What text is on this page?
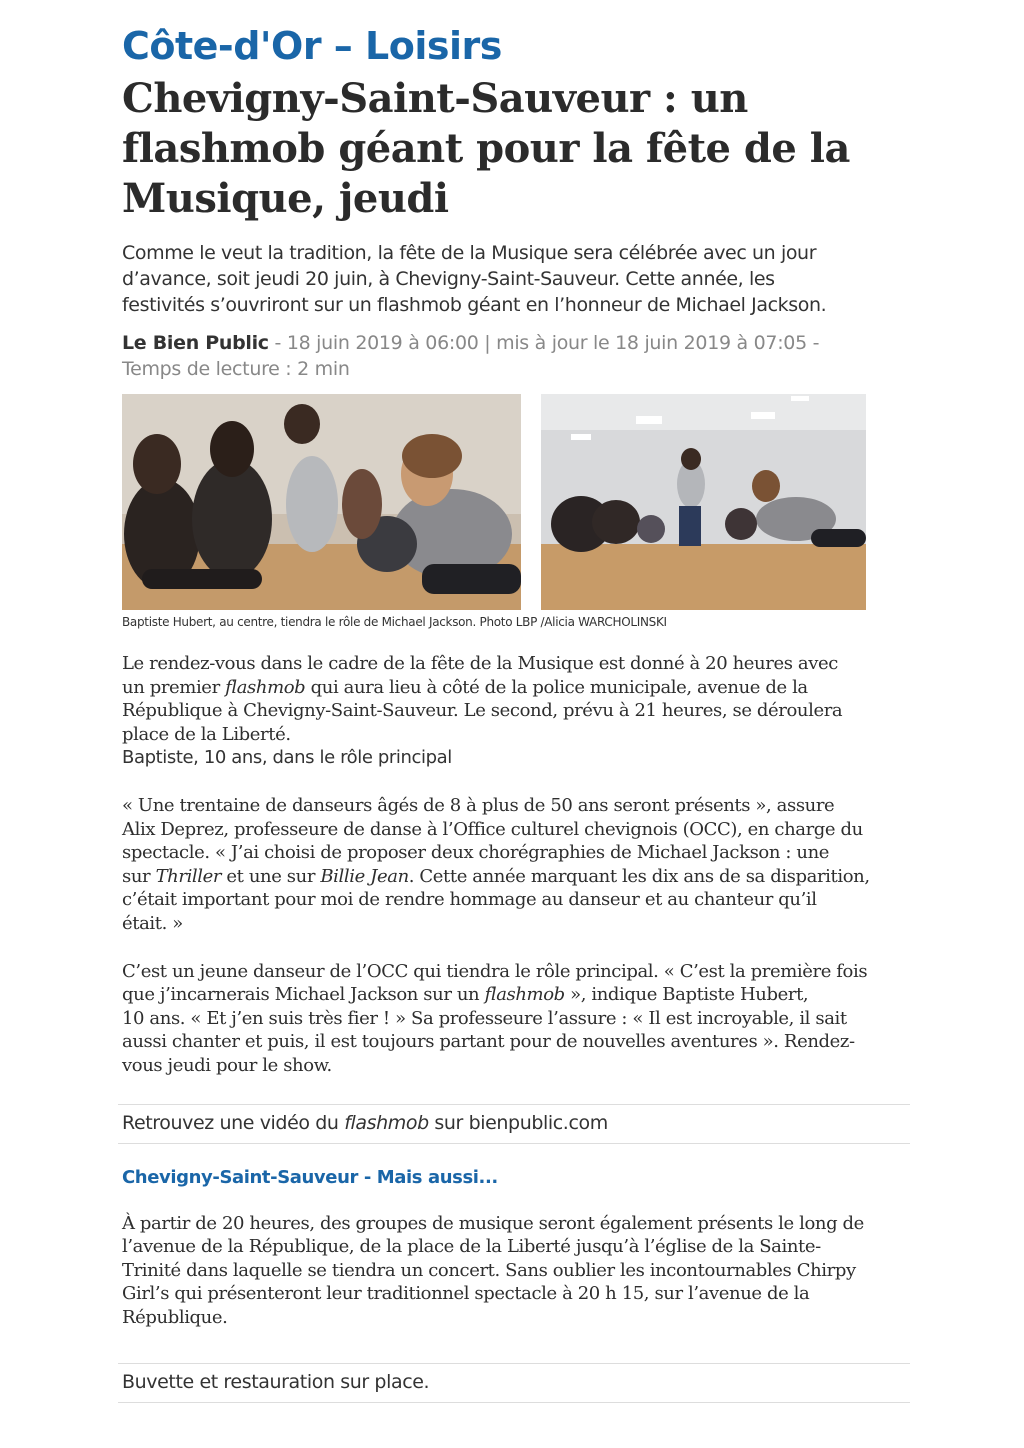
Côte-d'Or – Loisirs
Chevigny-Saint-Sauveur : un
flashmob géant pour la fête de la
Musique, jeudi
Comme le veut la tradition, la fête de la Musique sera célébrée avec un jour
d’avance, soit jeudi 20 juin, à Chevigny-Saint-Sauveur. Cette année, les
festivités s’ouvriront sur un flashmob géant en l’honneur de Michael Jackson.
Le Bien Public - 18 juin 2019 à 06:00 | mis à jour le 18 juin 2019 à 07:05 -
Temps de lecture : 2 min
Baptiste Hubert, au centre, tiendra le rôle de Michael Jackson. Photo LBP /Alicia WARCHOLINSKI

Le rendez-vous dans le cadre de la fête de la Musique est donné à 20 heures avec
un premier flashmob qui aura lieu à côté de la police municipale, avenue de la
République à Chevigny-Saint-Sauveur. Le second, prévu à 21 heures, se déroulera
place de la Liberté.

Baptiste, 10 ans, dans le rôle principal

« Une trentaine de danseurs âgés de 8 à plus de 50 ans seront présents », assure
Alix Deprez, professeure de danse à l’Office culturel chevignois (OCC), en charge du
spectacle. « J’ai choisi de proposer deux chorégraphies de Michael Jackson : une
sur Thriller et une sur Billie Jean. Cette année marquant les dix ans de sa disparition,
c’était important pour moi de rendre hommage au danseur et au chanteur qu’il
était. »

C’est un jeune danseur de l’OCC qui tiendra le rôle principal. « C’est la première fois
que j’incarnerais Michael Jackson sur un flashmob », indique Baptiste Hubert,
10 ans. « Et j’en suis très fier ! » Sa professeure l’assure : « Il est incroyable, il sait
aussi chanter et puis, il est toujours partant pour de nouvelles aventures ». Rendez-
vous jeudi pour le show.

Retrouvez une vidéo du flashmob sur bienpublic.com
Chevigny-Saint-Sauveur - Mais aussi...

À partir de 20 heures, des groupes de musique seront également présents le long de
l’avenue de la République, de la place de la Liberté jusqu’à l’église de la Sainte-
Trinité dans laquelle se tiendra un concert. Sans oublier les incontournables Chirpy
Girl’s qui présenteront leur traditionnel spectacle à 20 h 15, sur l’avenue de la
République.

Buvette et restauration sur place.
